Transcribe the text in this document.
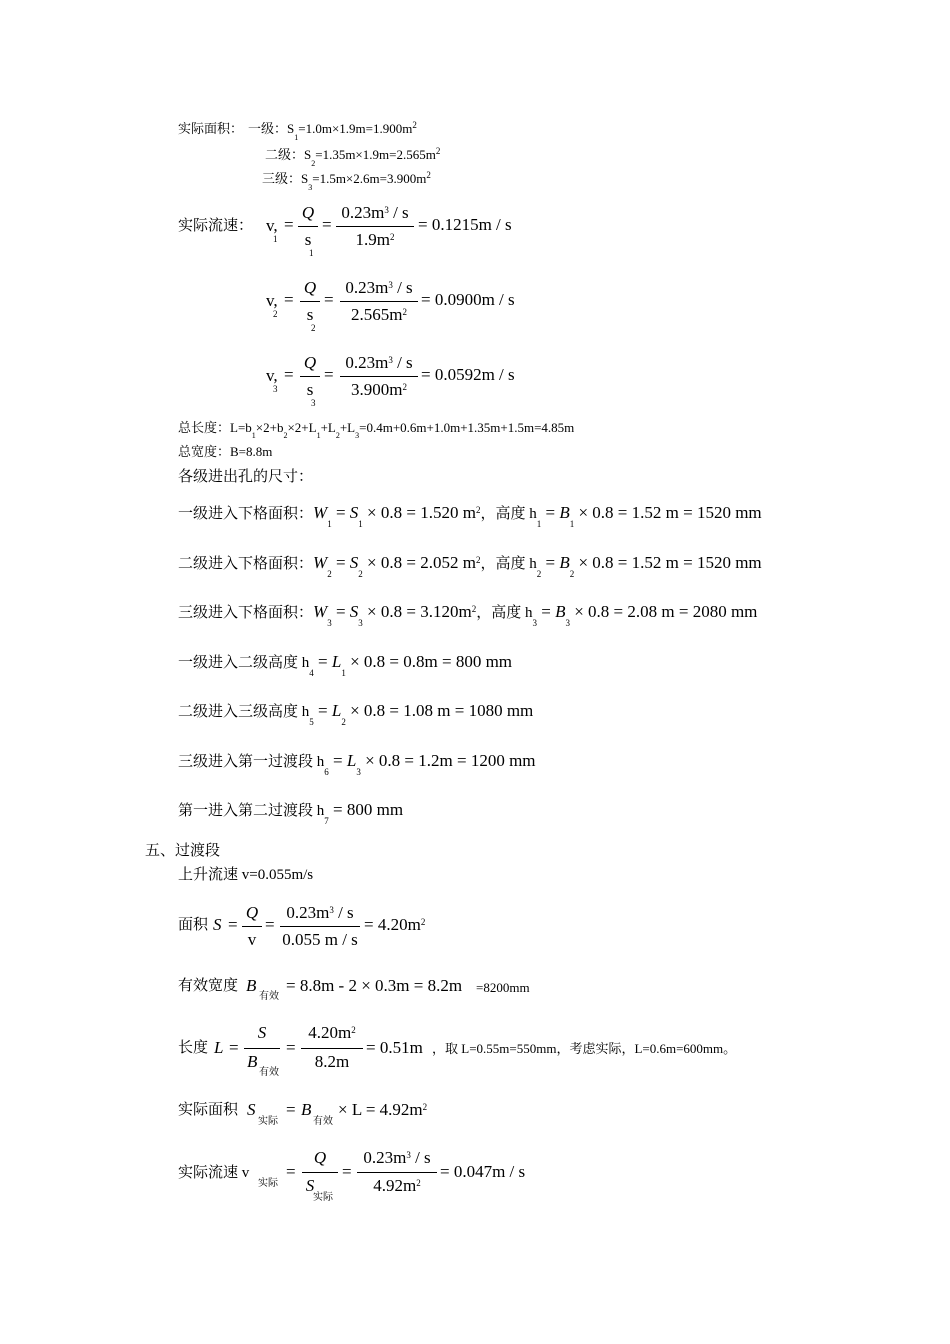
实际面积： 一级：$S_1=1.0m\times 1.9m=1.900m^2$
二级：$S_2=1.35m\times 1.9m=2.565m^2$
三级：$S_3=1.5m\times 2.6m=3.900m^2$
实际流速： v,
1
=
Q
s
1
=
$0.23m^3$ / s
$1.9m^2$
= 0.1215m / s
v,
2
=
Q
s
2
=
$0.23m^3$ / s
$2.565m^2$
= 0.0900m / s
v,
3
=
Q
s
3
=
$0.23m^3$ / s
$3.900m^2$
= 0.0592m / s
总长度：$L=b_1\times 2+b_2\times 2+L_1+L_2+L_3=0.4m+0.6m+1.0m+1.35m+1.5m=4.85m$
总宽度：B=8.8m
各级进出孔的尺寸：
一级进入下格面积：$W_1 = S_1 \times 0.8 = 1.520$ $m^2$，高度 $h_1 = B_1 \times 0.8 = 1.52$ m = 1520 mm
二级进入下格面积：$W_2 = S_2 \times 0.8 = 2.052$ $m^2$，高度 $h_2 = B_2 \times 0.8 = 1.52$ m = 1520 mm
三级进入下格面积：$W_3 = S_3 \times 0.8 = 3.120m^2$，高度 $h_3 = B_3 \times 0.8 = 2.08$ m = 2080 mm
一级进入二级高度 $h_4 = L_1 \times 0.8 = 0.8m = 800$ mm
二级进入三级高度 $h_5 = L_2 \times 0.8 = 1.08$ m = 1080 mm
三级进入第一过渡段 $h_6 = L_3 \times 0.8 = 1.2m = 1200$ mm
第一进入第二过渡段 $h_7 = 800$ mm
五、过渡段
上升流速 v=0.055m/s
面积 S =
Q
v
=
$0.23m^3$ / s
0.055 m / s
= $4.20m^2$
有效宽度 B
有效
= 8.8m - 2 × 0.3m = 8.2m =8200mm
长度 L =
S
B
有效
=
$4.20m^2$
8.2m
= 0.51m ，取 L=0.55m=550mm，考虑实际，L=0.6m=600mm。
实际面积 S
实际
= B
有效
× $L = 4.92m^2$
实际流速 v
实际
=
Q
S
实际
=
$0.23m^3$ / s
$4.92m^2$
= 0.047m / s
